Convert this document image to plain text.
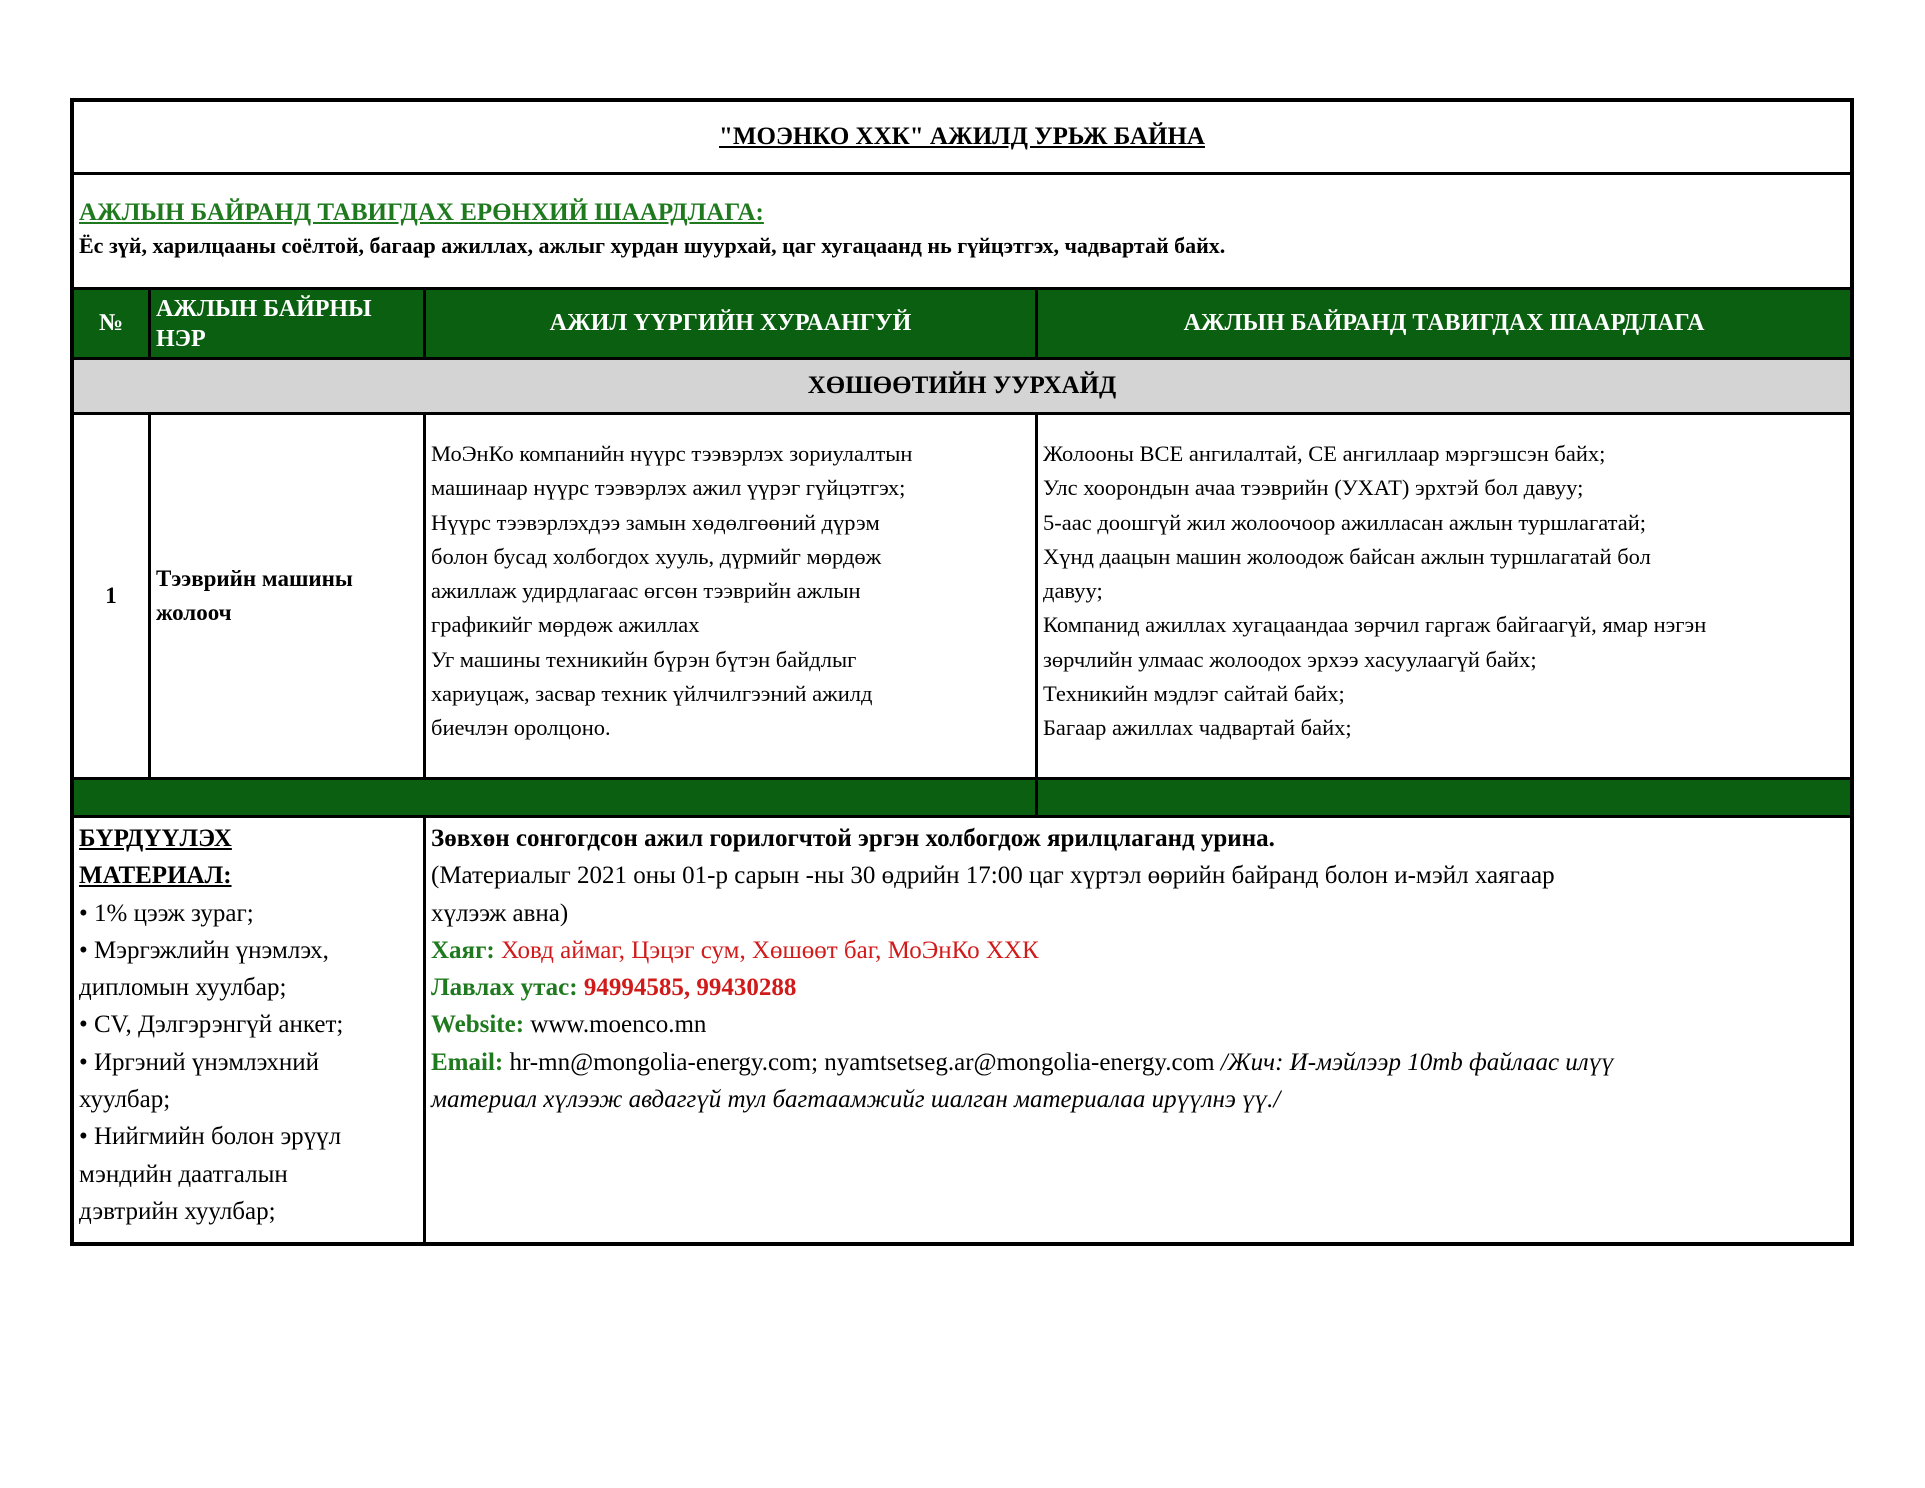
"МОЭНКО ХХК" АЖИЛД УРЬЖ БАЙНА
АЖЛЫН БАЙРАНД ТАВИГДАХ ЕРӨНХИЙ ШААРДЛАГА:
Ёс зүй, харилцааны соёлтой, багаар ажиллах, ажлыг хурдан шуурхай, цаг хугацаанд нь гүйцэтгэх, чадвартай байх.
№
АЖЛЫН БАЙРНЫ НЭР
АЖИЛ ҮҮРГИЙН ХУРААНГУЙ	АЖЛЫН БАЙРАНД ТАВИГДАХ ШААРДЛАГА
ХӨШӨӨТИЙН УУРХАЙД
1
Тээврийн машины
жолооч
МоЭнКо компанийн нүүрс тээвэрлэх зориулалтын
машинаар нүүрс тээвэрлэх ажил үүрэг гүйцэтгэх;
Нүүрс тээвэрлэхдээ замын хөдөлгөөний дүрэм
болон бусад холбогдох хууль, дүрмийг мөрдөж
ажиллаж удирдлагаас өгсөн тээврийн ажлын
графикийг мөрдөж ажиллах
Уг машины техникийн бүрэн бүтэн байдлыг
хариуцаж, засвар техник үйлчилгээний ажилд
биечлэн оролцоно.
Жолооны BCE ангилалтай, CE ангиллаар мэргэшсэн байх;
Улс хоорондын ачаа тээврийн (УХАТ) эрхтэй бол давуу;
5-аас доошгүй жил жолоочоор ажилласан ажлын туршлагатай;
Хүнд даацын машин жолоодож байсан ажлын туршлагатай бол
давуу;
Компанид ажиллах хугацаандаа зөрчил гаргаж байгаагүй, ямар нэгэн
зөрчлийн улмаас жолоодох эрхээ хасуулаагүй байх;
Техникийн мэдлэг сайтай байх;
Багаар ажиллах чадвартай байх;
БҮРДҮҮЛЭХ
МАТЕРИАЛ:
• 1% цээж зураг;
• Мэргэжлийн үнэмлэх,
дипломын хуулбар;
• CV, Дэлгэрэнгүй анкет;
• Иргэний үнэмлэхний
хуулбар;
• Нийгмийн болон эрүүл
мэндийн даатгалын
дэвтрийн хуулбар;
Зөвхөн сонгогдсон ажил горилогчтой эргэн холбогдож ярилцлаганд урина.
(Материалыг 2021 оны 01-р сарын -ны 30 өдрийн 17:00 цаг хүртэл өөрийн байранд болон и-мэйл хаягаар
хүлээж авна)
Хаяг: Ховд аймаг, Цэцэг сум, Хөшөөт баг, МоЭнКо ХХК
Лавлах утас: 94994585, 99430288
Website: www.moenco.mn
Email: hr-mn@mongolia-energy.com; nyamtsetseg.ar@mongolia-energy.com /Жич: И-мэйлээр 10mb файлаас илүү
материал хүлээж авдаггүй тул багтаамжийг шалган материалаа ирүүлнэ үү./
